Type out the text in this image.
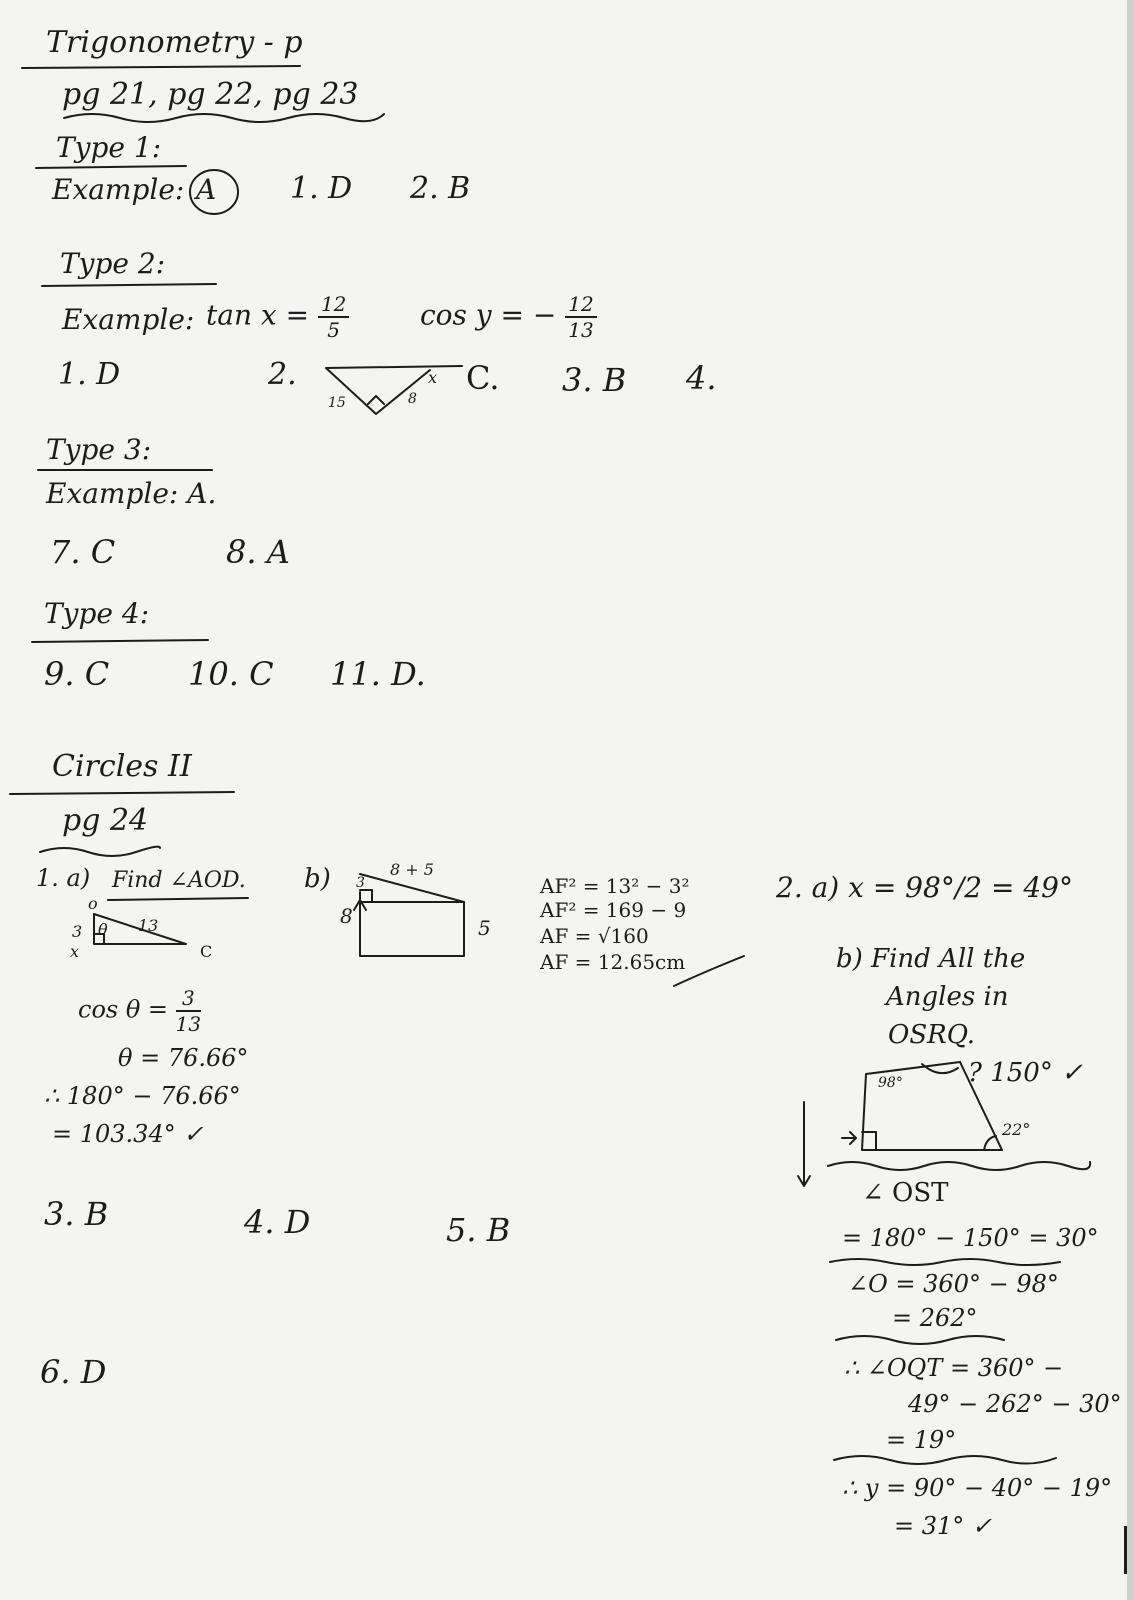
Trigonometry - p
pg 21, pg 22, pg 23
Type 1:
Example: A 1. D 2. B
Type 2:
Example: $\tan x = \frac{12}{5}$	cos y = − $\frac{12}{13}$
1. D	2.
15	8
x C. 3. B 4.
Type 3:
Example: A.
7. C	8. A
Type 4:
9. C 10. C 11. D.
Circles II
pg 24
1. a) Find ∠AOD.
o
3 θ 13
x	C
$\cos \theta = \frac{3}{13}$
θ = 76.66°
∴ 180° − 76.66°
= 103.34° ✓
b)	8 + 5
3
8	5
AF² = 13² − 3²
AF² = 169 − 9
AF = √160
AF = 12.65cm
2. a) x = 98°/2 = 49°
b) Find All the
Angles in
OSRQ.
98°	? 150° ✓
22°
∠ OST
= 180° − 150° = 30°
∠O = 360° − 98°
= 262°
∴ ∠OQT = 360° −
49° − 262° − 30°
= 19°
∴ y = 90° − 40° − 19°
= 31° ✓
3. B	4. D	5. B
6. D
